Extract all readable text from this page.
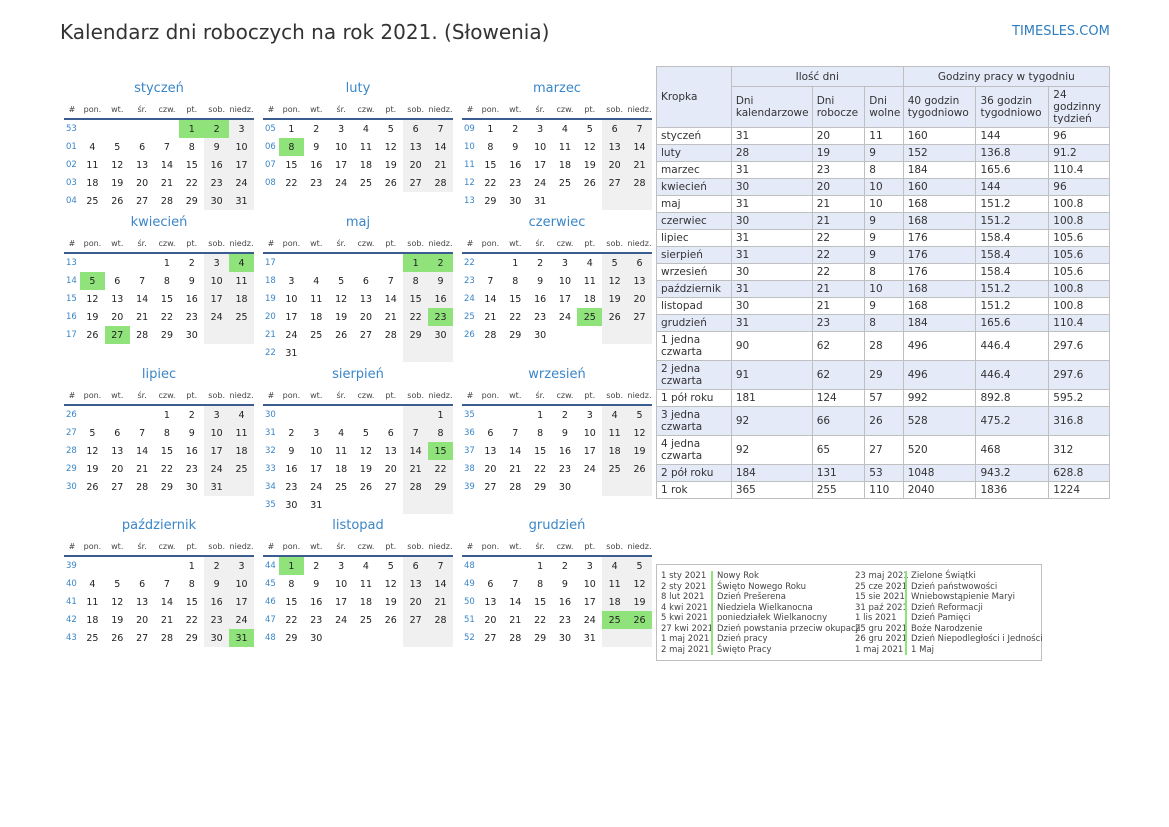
Kalendarz dni roboczych na rok 2021. (Słowenia)	TIMESLES.COM
styczeń
#	pon.	wt.	śr.	czw.	pt.	sob.	niedz.
53					1	2	3
01	4	5	6	7	8	9	10
02	11	12	13	14	15	16	17
03	18	19	20	21	22	23	24
04	25	26	27	28	29	30	31
luty
#	pon.	wt.	śr.	czw.	pt.	sob.	niedz.
05	1	2	3	4	5	6	7
06	8	9	10	11	12	13	14
07	15	16	17	18	19	20	21
08	22	23	24	25	26	27	28
marzec
#	pon.	wt.	śr.	czw.	pt.	sob.	niedz.
09	1	2	3	4	5	6	7
10	8	9	10	11	12	13	14
11	15	16	17	18	19	20	21
12	22	23	24	25	26	27	28
13	29	30	31				
kwiecień
#	pon.	wt.	śr.	czw.	pt.	sob.	niedz.
13				1	2	3	4
14	5	6	7	8	9	10	11
15	12	13	14	15	16	17	18
16	19	20	21	22	23	24	25
17	26	27	28	29	30		
maj
#	pon.	wt.	śr.	czw.	pt.	sob.	niedz.
17						1	2
18	3	4	5	6	7	8	9
19	10	11	12	13	14	15	16
20	17	18	19	20	21	22	23
21	24	25	26	27	28	29	30
22	31						
czerwiec
#	pon.	wt.	śr.	czw.	pt.	sob.	niedz.
22		1	2	3	4	5	6
23	7	8	9	10	11	12	13
24	14	15	16	17	18	19	20
25	21	22	23	24	25	26	27
26	28	29	30				
lipiec
#	pon.	wt.	śr.	czw.	pt.	sob.	niedz.
26				1	2	3	4
27	5	6	7	8	9	10	11
28	12	13	14	15	16	17	18
29	19	20	21	22	23	24	25
30	26	27	28	29	30	31	
sierpień
#	pon.	wt.	śr.	czw.	pt.	sob.	niedz.
30							1
31	2	3	4	5	6	7	8
32	9	10	11	12	13	14	15
33	16	17	18	19	20	21	22
34	23	24	25	26	27	28	29
35	30	31					
wrzesień
#	pon.	wt.	śr.	czw.	pt.	sob.	niedz.
35			1	2	3	4	5
36	6	7	8	9	10	11	12
37	13	14	15	16	17	18	19
38	20	21	22	23	24	25	26
39	27	28	29	30			
październik
#	pon.	wt.	śr.	czw.	pt.	sob.	niedz.
39					1	2	3
40	4	5	6	7	8	9	10
41	11	12	13	14	15	16	17
42	18	19	20	21	22	23	24
43	25	26	27	28	29	30	31
listopad
#	pon.	wt.	śr.	czw.	pt.	sob.	niedz.
44	1	2	3	4	5	6	7
45	8	9	10	11	12	13	14
46	15	16	17	18	19	20	21
47	22	23	24	25	26	27	28
48	29	30					
grudzień
#	pon.	wt.	śr.	czw.	pt.	sob.	niedz.
48			1	2	3	4	5
49	6	7	8	9	10	11	12
50	13	14	15	16	17	18	19
51	20	21	22	23	24	25	26
52	27	28	29	30	31		
Kropka	Ilość dni			Godziny pracy w tygodniu		
	Dni kalendarzowe	Dni robocze	Dni wolne	40 godzin tygodniowo	36 godzin tygodniowo	24 godzinny tydzień
styczeń	31	20	11	160	144	96
luty	28	19	9	152	136.8	91.2
marzec	31	23	8	184	165.6	110.4
kwiecień	30	20	10	160	144	96
maj	31	21	10	168	151.2	100.8
czerwiec	30	21	9	168	151.2	100.8
lipiec	31	22	9	176	158.4	105.6
sierpień	31	22	9	176	158.4	105.6
wrzesień	30	22	8	176	158.4	105.6
październik	31	21	10	168	151.2	100.8
listopad	30	21	9	168	151.2	100.8
grudzień	31	23	8	184	165.6	110.4
1 jedna czwarta	90	62	28	496	446.4	297.6
2 jedna czwarta	91	62	29	496	446.4	297.6
1 pół roku	181	124	57	992	892.8	595.2
3 jedna czwarta	92	66	26	528	475.2	316.8
4 jedna czwarta	92	65	27	520	468	312
2 pół roku	184	131	53	1048	943.2	628.8
1 rok	365	255	110	2040	1836	1224
1 sty 2021 Nowy Rok
2 sty 2021 Święto Nowego Roku
8 lut 2021 Dzień Prešerena
4 kwi 2021 Niedziela Wielkanocna
5 kwi 2021 poniedziałek Wielkanocny
27 kwi 2021 Dzień powstania przeciw okupacji
1 maj 2021 Dzień pracy
2 maj 2021 Święto Pracy
23 maj 2021 Zielone Świątki
25 cze 2021 Dzień państwowości
15 sie 2021 Wniebowstąpienie Maryi
31 paź 2021 Dzień Reformacji
1 lis 2021 Dzień Pamięci
25 gru 2021 Boże Narodzenie
26 gru 2021 Dzień Niepodległości i Jedności
1 maj 2021 1 Maj
